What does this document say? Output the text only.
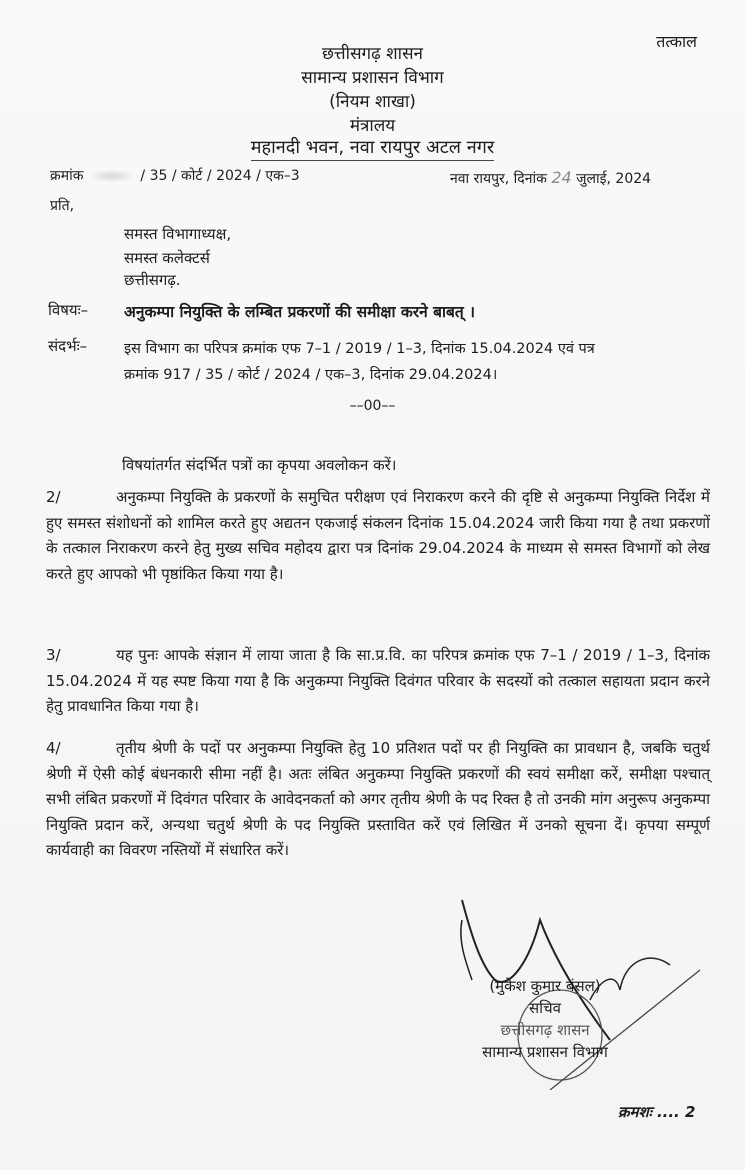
तत्काल
छत्तीसगढ़ शासन
सामान्य प्रशासन विभाग
(नियम शाखा)
मंत्रालय
महानदी भवन, नवा रायपुर अटल नगर
क्रमांक	/ 35 / कोर्ट / 2024 / एक–3	नवा रायपुर, दिनांक 24 जुलाई, 2024
प्रति,
समस्त विभागाध्यक्ष,
समस्त कलेक्टर्स
छत्तीसगढ़.
विषयः– अनुकम्पा नियुक्ति के लम्बित प्रकरणों की समीक्षा करने बाबत् ।
संदर्भः–	इस विभाग का परिपत्र क्रमांक एफ 7–1 / 2019 / 1–3, दिनांक 15.04.2024 एवं पत्र
क्रमांक 917 / 35 / कोर्ट / 2024 / एक–3, दिनांक 29.04.2024।
––00––
विषयांतर्गत संदर्भित पत्रों का कृपया अवलोकन करें।
2/	अनुकम्पा नियुक्ति के प्रकरणों के समुचित परीक्षण एवं निराकरण करने की दृष्टि से अनुकम्पा नियुक्ति निर्देश में हुए समस्त संशोधनों को शामिल करते हुए अद्यतन एकजाई संकलन दिनांक 15.04.2024 जारी किया गया है तथा प्रकरणों के तत्काल निराकरण करने हेतु मुख्य सचिव महोदय द्वारा पत्र दिनांक 29.04.2024 के माध्यम से समस्त विभागों को लेख करते हुए आपको भी पृष्ठांकित किया गया है।
3/	यह पुनः आपके संज्ञान में लाया जाता है कि सा.प्र.वि. का परिपत्र क्रमांक एफ 7–1 / 2019 / 1–3, दिनांक 15.04.2024 में यह स्पष्ट किया गया है कि अनुकम्पा नियुक्ति दिवंगत परिवार के सदस्यों को तत्काल सहायता प्रदान करने हेतु प्रावधानित किया गया है।
4/	तृतीय श्रेणी के पदों पर अनुकम्पा नियुक्ति हेतु 10 प्रतिशत पदों पर ही नियुक्ति का प्रावधान है, जबकि चतुर्थ श्रेणी में ऐसी कोई बंधनकारी सीमा नहीं है। अतः लंबित अनुकम्पा नियुक्ति प्रकरणों की स्वयं समीक्षा करें, समीक्षा पश्चात् सभी लंबित प्रकरणों में दिवंगत परिवार के आवेदनकर्ता को अगर तृतीय श्रेणी के पद रिक्त है तो उनकी मांग अनुरूप अनुकम्पा नियुक्ति प्रदान करें, अन्यथा चतुर्थ श्रेणी के पद नियुक्ति प्रस्तावित करें एवं लिखित में उनको सूचना दें। कृपया सम्पूर्ण कार्यवाही का विवरण नस्तियों में संधारित करें।
(मुकेश कुमार बंसल)
सचिव
छत्तीसगढ़ शासन
सामान्य प्रशासन विभाग
क्रमशः .... 2
